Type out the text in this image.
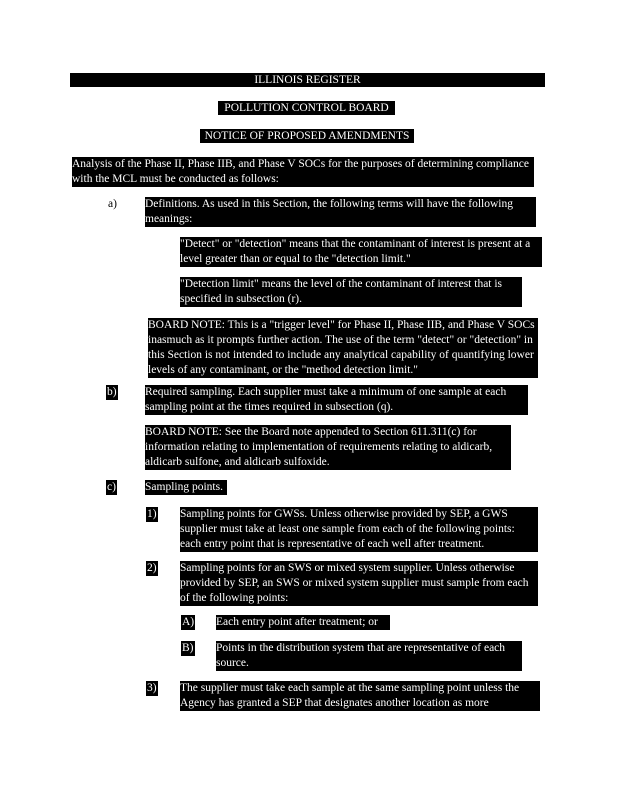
ILLINOIS REGISTER
POLLUTION CONTROL BOARD
NOTICE OF PROPOSED AMENDMENTS

Analysis of the Phase II, Phase IIB, and Phase V SOCs for the purposes of determining compliance with the MCL must be conducted as follows:

a) Definitions. As used in this Section, the following terms will have the following meanings:

"Detect" or "detection" means that the contaminant of interest is present at a level greater than or equal to the "detection limit."

"Detection limit" means the level of the contaminant of interest that is specified in subsection (r).

BOARD NOTE: This is a "trigger level" for Phase II, Phase IIB, and Phase V SOCs inasmuch as it prompts further action. The use of the term "detect" or "detection" in this Section is not intended to include any analytical capability of quantifying lower levels of any contaminant, or the "method detection limit."

b) Required sampling. Each supplier must take a minimum of one sample at each sampling point at the times required in subsection (q).

BOARD NOTE: See the Board note appended to Section 611.311(c) for information relating to implementation of requirements relating to aldicarb, aldicarb sulfone, and aldicarb sulfoxide.

c)	Sampling points.

1) Sampling points for GWSs. Unless otherwise provided by SEP, a GWS supplier must take at least one sample from each of the following points: each entry point that is representative of each well after treatment.

2) Sampling points for an SWS or mixed system supplier. Unless otherwise provided by SEP, an SWS or mixed system supplier must sample from each of the following points:

A) Each entry point after treatment; or

B) Points in the distribution system that are representative of each source.

3) The supplier must take each sample at the same sampling point unless the Agency has granted a SEP that designates another location as more
